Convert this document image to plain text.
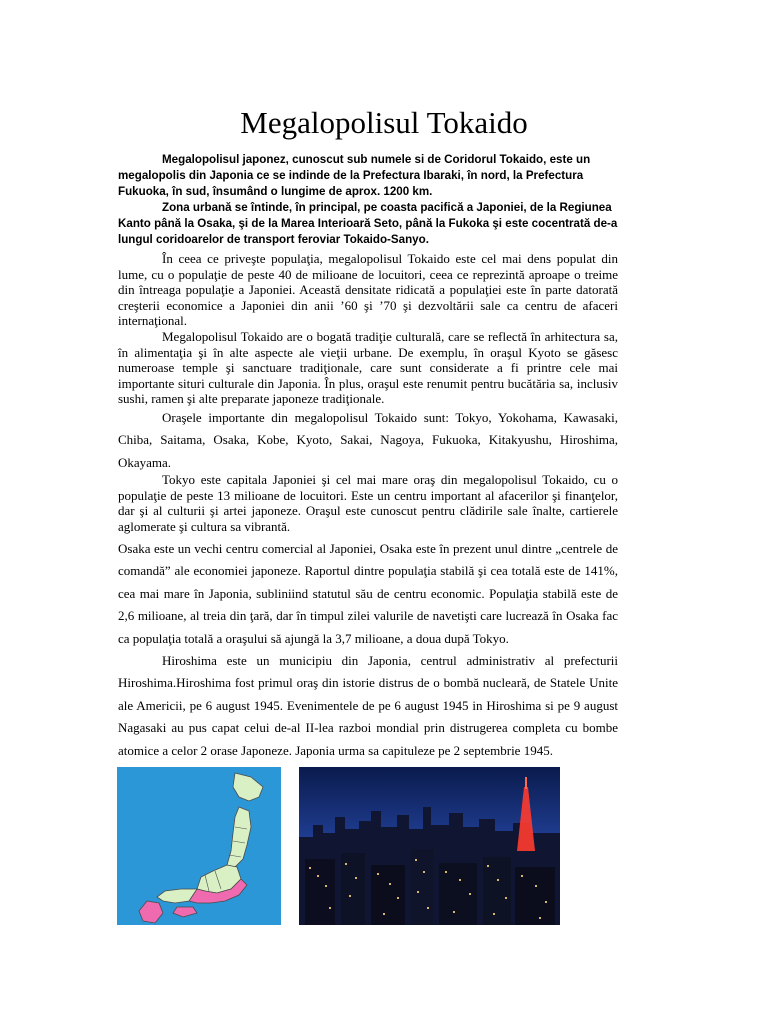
Megalopolisul Tokaido

Megalopolisul japonez, cunoscut sub numele si de Coridorul Tokaido, este un megalopolis din Japonia ce se indinde de la Prefectura Ibaraki, în nord, la Prefectura Fukuoka, în sud, însumând o lungime de aprox. 1200 km.

Zona urbană se întinde, în principal, pe coasta pacifică a Japoniei, de la Regiunea Kanto până la Osaka, şi de la Marea Interioară Seto, până la Fukoka şi este cocentrată de-a lungul coridoarelor de transport feroviar Tokaido-Sanyo.

În ceea ce priveşte populaţia, megalopolisul Tokaido este cel mai dens populat din lume, cu o populaţie de peste 40 de milioane de locuitori, ceea ce reprezintă aproape o treime din întreaga populaţie a Japoniei. Această densitate ridicată a populaţiei este în parte datorată creşterii economice a Japoniei din anii ’60 şi ’70 şi dezvoltării sale ca centru de afaceri internaţional.

Megalopolisul Tokaido are o bogată tradiţie culturală, care se reflectă în arhitectura sa, în alimentaţia şi în alte aspecte ale vieţii urbane. De exemplu, în oraşul Kyoto se găsesc numeroase temple şi sanctuare tradiţionale, care sunt considerate a fi printre cele mai importante situri culturale din Japonia. În plus, oraşul este renumit pentru bucătăria sa, inclusiv sushi, ramen şi alte preparate japoneze tradiţionale.

Oraşele importante din megalopolisul Tokaido sunt: Tokyo, Yokohama, Kawasaki, Chiba, Saitama, Osaka, Kobe, Kyoto, Sakai, Nagoya, Fukuoka, Kitakyushu, Hiroshima, Okayama.

Tokyo este capitala Japoniei şi cel mai mare oraş din megalopolisul Tokaido, cu o populaţie de peste 13 milioane de locuitori. Este un centru important al afacerilor şi finanţelor, dar şi al culturii şi artei japoneze. Oraşul este cunoscut pentru clădirile sale înalte, cartierele aglomerate şi cultura sa vibrantă.

Osaka este un vechi centru comercial al Japoniei, Osaka este în prezent unul dintre „centrele de comandă” ale economiei japoneze. Raportul dintre populaţia stabilă şi cea totală este de 141%, cea mai mare în Japonia, subliniind statutul său de centru economic. Populaţia stabilă este de 2,6 milioane, al treia din ţară, dar în timpul zilei valurile de navetişti care lucrează în Osaka fac ca populaţia totală a oraşului să ajungă la 3,7 milioane, a doua după Tokyo.

Hiroshima este un municipiu din Japonia, centrul administrativ al prefecturii Hiroshima.Hiroshima fost primul oraş din istorie distrus de o bombă nucleară, de Statele Unite ale Americii, pe 6 august 1945. Evenimentele de pe 6 august 1945 in Hiroshima si pe 9 august Nagasaki au pus capat celui de-al II-lea razboi mondial prin distrugerea completa cu bombe atomice a celor 2 orase Japoneze. Japonia urma sa capituleze pe 2 septembrie 1945.
